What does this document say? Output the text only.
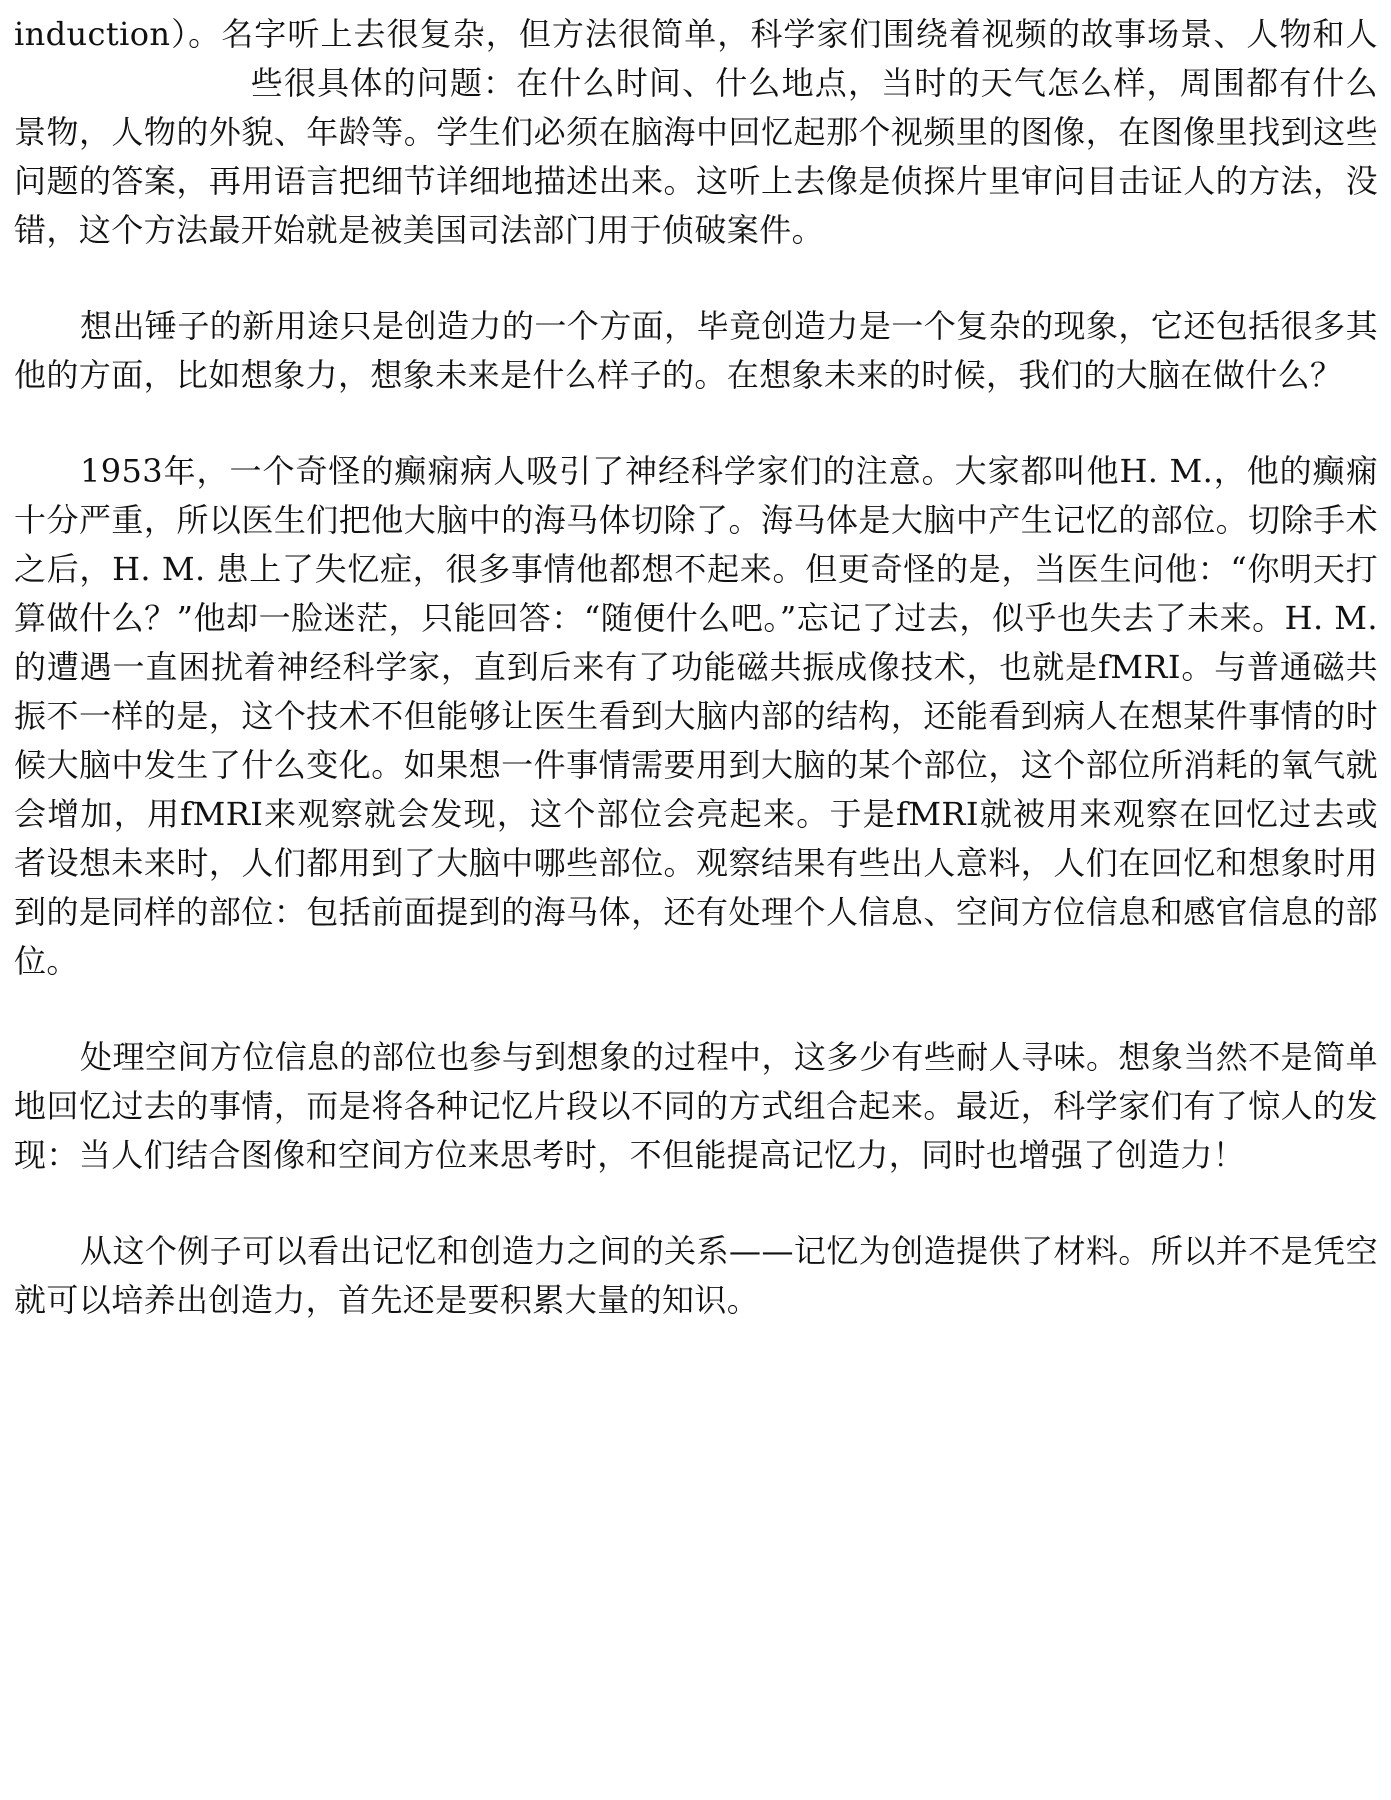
induction）。名字听上去很复杂，但方法很简单，科学家们围绕着视频的故事场景、人物和人些很具体的问题：在什么时间、什么地点，当时的天气怎么样，周围都有什么景物，人物的外貌、年龄等。学生们必须在脑海中回忆起那个视频里的图像，在图像里找到这些问题的答案，再用语言把细节详细地描述出来。这听上去像是侦探片里审问目击证人的方法，没错，这个方法最开始就是被美国司法部门用于侦破案件。

想出锤子的新用途只是创造力的一个方面，毕竟创造力是一个复杂的现象，它还包括很多其他的方面，比如想象力，想象未来是什么样子的。在想象未来的时候，我们的大脑在做什么？

1953年，一个奇怪的癫痫病人吸引了神经科学家们的注意。大家都叫他H. M.，他的癫痫十分严重，所以医生们把他大脑中的海马体切除了。海马体是大脑中产生记忆的部位。切除手术之后，H. M. 患上了失忆症，很多事情他都想不起来。但更奇怪的是，当医生问他：“你明天打算做什么？”他却一脸迷茫，只能回答：“随便什么吧。”忘记了过去，似乎也失去了未来。H. M. 的遭遇一直困扰着神经科学家，直到后来有了功能磁共振成像技术，也就是fMRI。与普通磁共振不一样的是，这个技术不但能够让医生看到大脑内部的结构，还能看到病人在想某件事情的时候大脑中发生了什么变化。如果想一件事情需要用到大脑的某个部位，这个部位所消耗的氧气就会增加，用fMRI来观察就会发现，这个部位会亮起来。于是fMRI就被用来观察在回忆过去或者设想未来时，人们都用到了大脑中哪些部位。观察结果有些出人意料，人们在回忆和想象时用到的是同样的部位：包括前面提到的海马体，还有处理个人信息、空间方位信息和感官信息的部位。

处理空间方位信息的部位也参与到想象的过程中，这多少有些耐人寻味。想象当然不是简单地回忆过去的事情，而是将各种记忆片段以不同的方式组合起来。最近，科学家们有了惊人的发现：当人们结合图像和空间方位来思考时，不但能提高记忆力，同时也增强了创造力！

从这个例子可以看出记忆和创造力之间的关系——记忆为创造提供了材料。所以并不是凭空就可以培养出创造力，首先还是要积累大量的知识。
